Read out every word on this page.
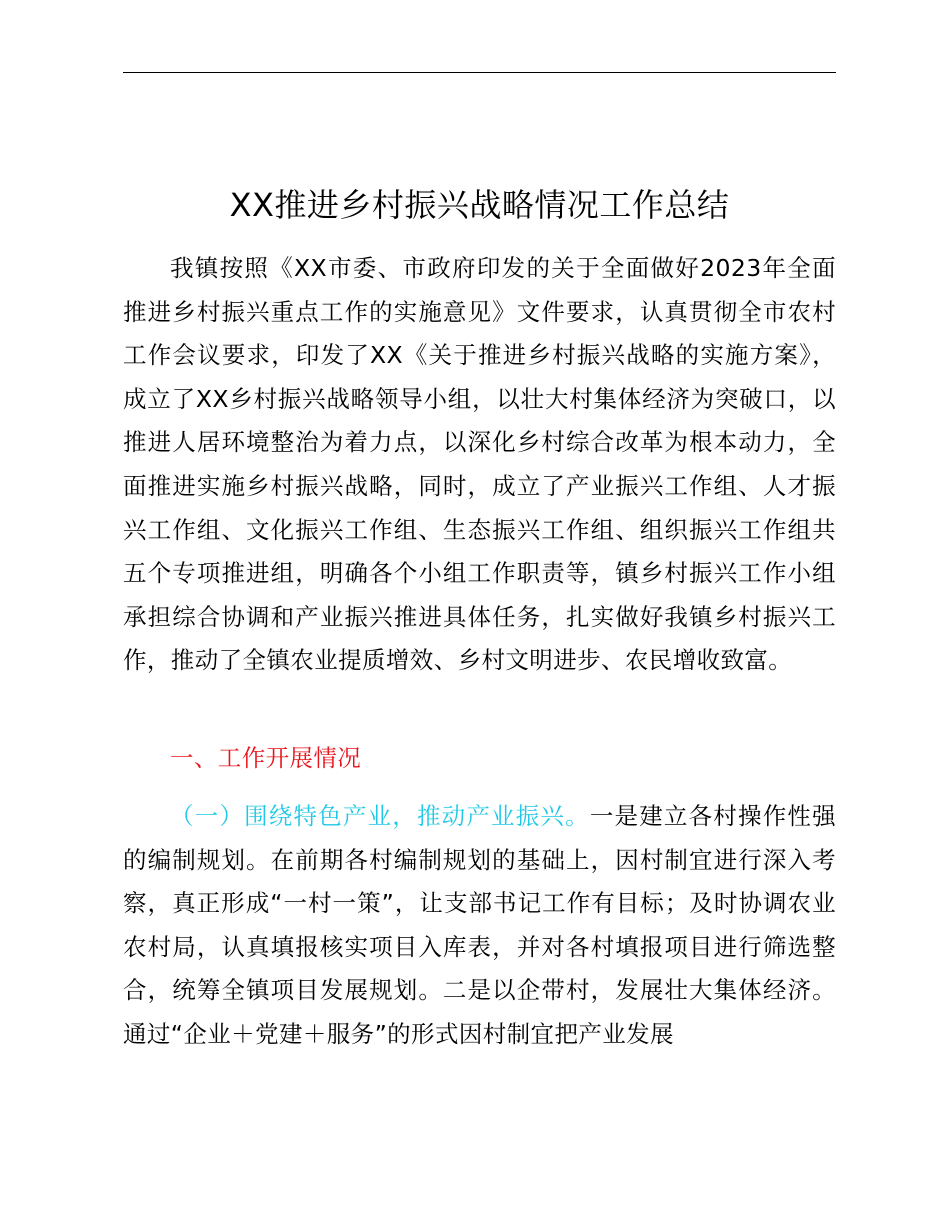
XX推进乡村振兴战略情况工作总结

我镇按照《XX市委、市政府印发的关于全面做好2023年全面推进乡村振兴重点工作的实施意见》文件要求，认真贯彻全市农村工作会议要求，印发了XX《关于推进乡村振兴战略的实施方案》，成立了XX乡村振兴战略领导小组，以壮大村集体经济为突破口，以推进人居环境整治为着力点，以深化乡村综合改革为根本动力，全面推进实施乡村振兴战略，同时，成立了产业振兴工作组、人才振兴工作组、文化振兴工作组、生态振兴工作组、组织振兴工作组共五个专项推进组，明确各个小组工作职责等，镇乡村振兴工作小组承担综合协调和产业振兴推进具体任务，扎实做好我镇乡村振兴工作，推动了全镇农业提质增效、乡村文明进步、农民增收致富。

一、工作开展情况

（一）围绕特色产业，推动产业振兴。一是建立各村操作性强的编制规划。在前期各村编制规划的基础上，因村制宜进行深入考察，真正形成“一村一策”，让支部书记工作有目标；及时协调农业农村局，认真填报核实项目入库表，并对各村填报项目进行筛选整合，统筹全镇项目发展规划。二是以企带村，发展壮大集体经济。通过“企业＋党建＋服务”的形式因村制宜把产业发展
